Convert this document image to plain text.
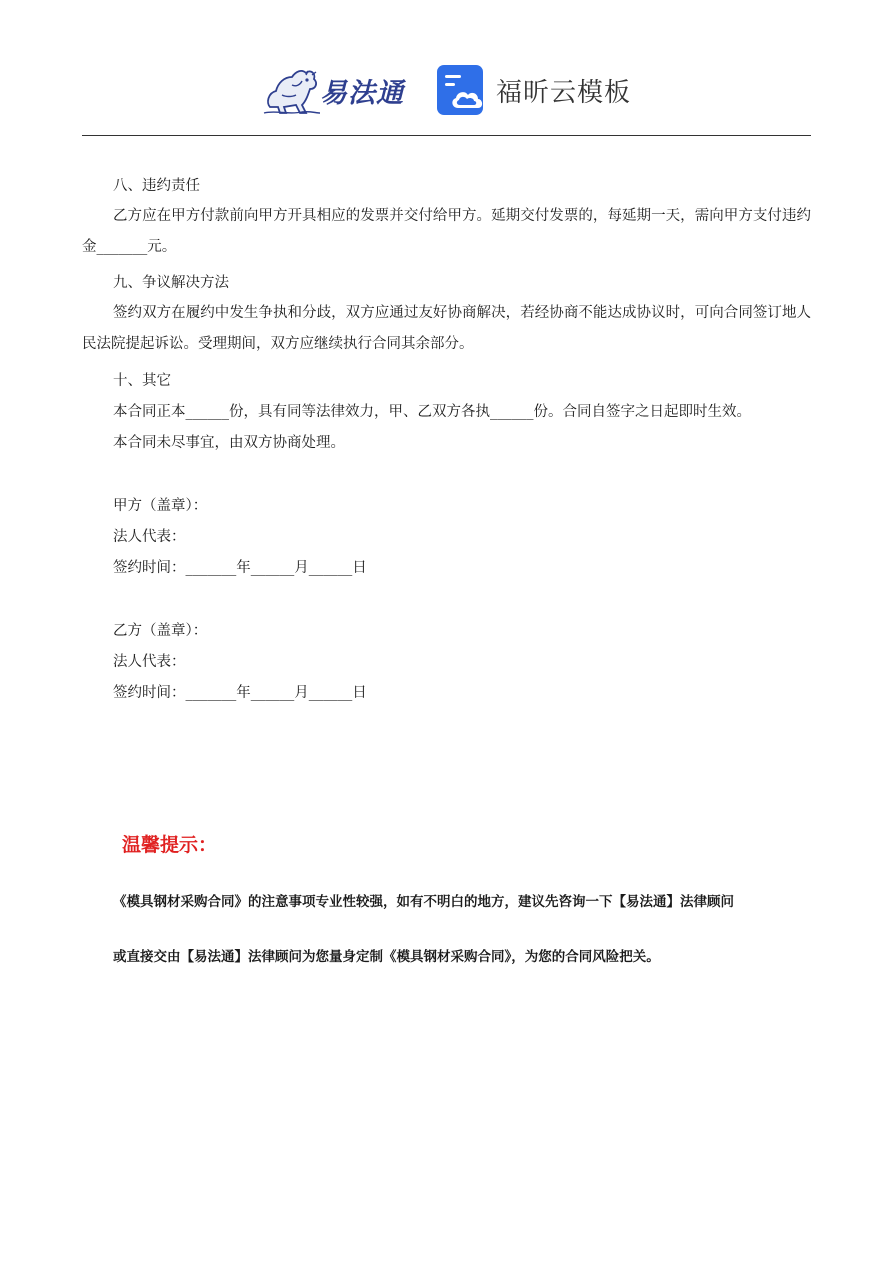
易法通	福昕云模板
八、违约责任
乙方应在甲方付款前向甲方开具相应的发票并交付给甲方。延期交付发票的，每延期一天，需向甲方支付违约金_______元。
九、争议解决方法
签约双方在履约中发生争执和分歧，双方应通过友好协商解决，若经协商不能达成协议时，可向合同签订地人民法院提起诉讼。受理期间，双方应继续执行合同其余部分。
十、其它
本合同正本______份，具有同等法律效力，甲、乙双方各执______份。合同自签字之日起即时生效。
本合同未尽事宜，由双方协商处理。
甲方（盖章）：
法人代表：
签约时间：_______年______月______日
乙方（盖章）：
法人代表：
签约时间：_______年______月______日
温馨提示：
《模具钢材采购合同》的注意事项专业性较强，如有不明白的地方，建议先咨询一下【易法通】法律顾问
或直接交由【易法通】法律顾问为您量身定制《模具钢材采购合同》，为您的合同风险把关。
